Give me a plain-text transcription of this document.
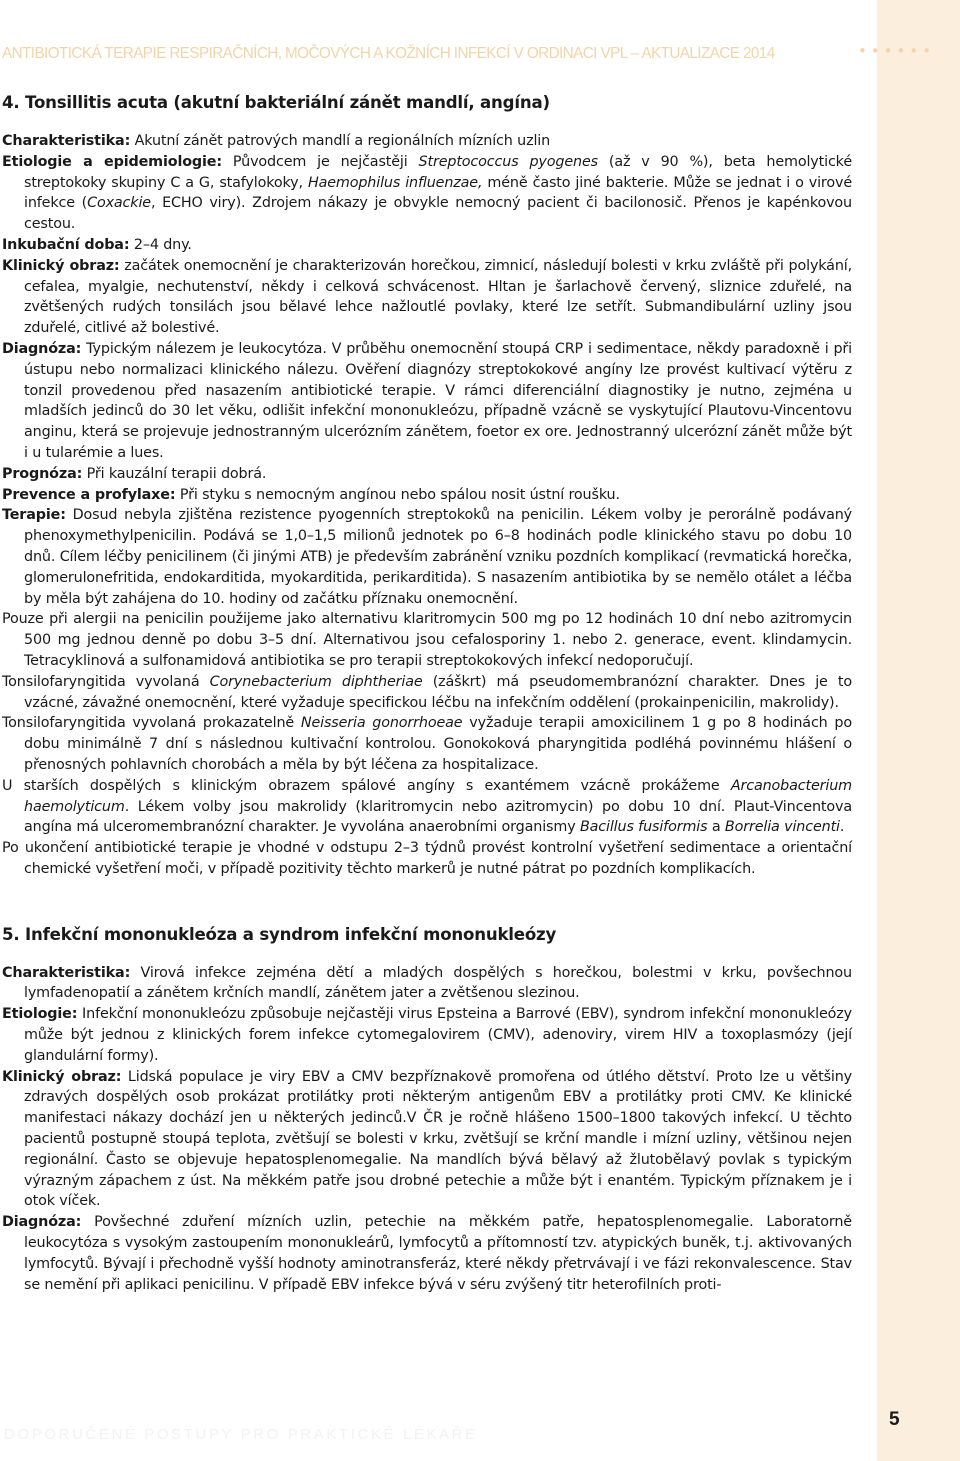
ANTIBIOTICKÁ TERAPIE RESPIRAČNÍCH, MOČOVÝCH A KOŽNÍCH INFEKCÍ V ORDINACI VPL – AKTUALIZACE 2014	••••••
4. Tonsillitis acuta (akutní bakteriální zánět mandlí, angína)

Charakteristika: Akutní zánět patrových mandlí a regionálních mízních uzlin

Etiologie a epidemiologie: Původcem je nejčastěji Streptococcus pyogenes (až v 90 %), beta hemolytické streptokoky skupiny C a G, stafylokoky, Haemophilus influenzae, méně často jiné bakterie. Může se jednat i o virové infekce (Coxackie, ECHO viry). Zdrojem nákazy je obvykle nemocný pacient či bacilonosič. Přenos je kapénkovou cestou.

Inkubační doba: 2–4 dny.

Klinický obraz: začátek onemocnění je charakterizován horečkou, zimnicí, následují bolesti v krku zvláště při polykání, cefalea, myalgie, nechutenství, někdy i celková schvácenost. Hltan je šarlachově červený, sliznice zduřelé, na zvětšených rudých tonsilách jsou bělavé lehce nažloutlé povlaky, které lze setřít. Submandibulární uzliny jsou zduřelé, citlivé až bolestivé.

Diagnóza: Typickým nálezem je leukocytóza. V průběhu onemocnění stoupá CRP i sedimentace, někdy paradoxně i při ústupu nebo normalizaci klinického nálezu. Ověření diagnózy streptokokové angíny lze provést kultivací výtěru z tonzil provedenou před nasazením antibiotické terapie. V rámci diferenciální diagnostiky je nutno, zejména u mladších jedinců do 30 let věku, odlišit infekční mononukleózu, případně vzácně se vyskytující Plautovu-Vincentovu anginu, která se projevuje jednostranným ulcerózním zánětem, foetor ex ore. Jednostranný ulcerózní zánět může být i u tularémie a lues.

Prognóza: Při kauzální terapii dobrá.

Prevence a profylaxe: Při styku s nemocným angínou nebo spálou nosit ústní roušku.

Terapie: Dosud nebyla zjištěna rezistence pyogenních streptokoků na penicilin. Lékem volby je perorálně podávaný phenoxymethylpenicilin. Podává se 1,0–1,5 milionů jednotek po 6–8 hodinách podle klinického stavu po dobu 10 dnů. Cílem léčby penicilinem (či jinými ATB) je především zabránění vzniku pozdních komplikací (revmatická horečka, glomerulonefritida, endokarditida, myokarditida, perikarditida). S nasazením antibiotika by se nemělo otálet a léčba by měla být zahájena do 10. hodiny od začátku příznaku onemocnění.

Pouze při alergii na penicilin použijeme jako alternativu klaritromycin 500 mg po 12 hodinách 10 dní nebo azitromycin 500 mg jednou denně po dobu 3–5 dní. Alternativou jsou cefalosporiny 1. nebo 2. generace, event. klindamycin. Tetracyklinová a sulfonamidová antibiotika se pro terapii streptokokových infekcí nedoporučují.

Tonsilofaryngitida vyvolaná Corynebacterium diphtheriae (záškrt) má pseudomembranózní charakter. Dnes je to vzácné, závažné onemocnění, které vyžaduje specifickou léčbu na infekčním oddělení (prokainpenicilin, makrolidy).

Tonsilofaryngitida vyvolaná prokazatelně Neisseria gonorrhoeae vyžaduje terapii amoxicilinem 1 g po 8 hodinách po dobu minimálně 7 dní s následnou kultivační kontrolou. Gonokoková pharyngitida podléhá povinnému hlášení o přenosných pohlavních chorobách a měla by být léčena za hospitalizace.

U starších dospělých s klinickým obrazem spálové angíny s exantémem vzácně prokážeme Arcanobacterium haemolyticum. Lékem volby jsou makrolidy (klaritromycin nebo azitromycin) po dobu 10 dní. Plaut-Vincentova angína má ulceromembranózní charakter. Je vyvolána anaerobními organismy Bacillus fusiformis a Borrelia vincenti.

Po ukončení antibiotické terapie je vhodné v odstupu 2–3 týdnů provést kontrolní vyšetření sedimentace a orientační chemické vyšetření moči, v případě pozitivity těchto markerů je nutné pátrat po pozdních komplikacích.

5. Infekční mononukleóza a syndrom infekční mononukleózy

Charakteristika: Virová infekce zejména dětí a mladých dospělých s horečkou, bolestmi v krku, povšechnou lymfadenopatií a zánětem krčních mandlí, zánětem jater a zvětšenou slezinou.

Etiologie: Infekční mononukleózu způsobuje nejčastěji virus Epsteina a Barrové (EBV), syndrom infekční mononukleózy může být jednou z klinických forem infekce cytomegalovirem (CMV), adenoviry, virem HIV a toxoplasmózy (její glandulární formy).

Klinický obraz: Lidská populace je viry EBV a CMV bezpříznakově promořena od útlého dětství. Proto lze u většiny zdravých dospělých osob prokázat protilátky proti některým antigenům EBV a protilátky proti CMV. Ke klinické manifestaci nákazy dochází jen u některých jedinců.V ČR je ročně hlášeno 1500–1800 takových infekcí. U těchto pacientů postupně stoupá teplota, zvětšují se bolesti v krku, zvětšují se krční mandle i mízní uzliny, většinou nejen regionální. Často se objevuje hepatosplenomegalie. Na mandlích bývá bělavý až žlutobělavý povlak s typickým výrazným zápachem z úst. Na měkkém patře jsou drobné petechie a může být i enantém. Typickým příznakem je i otok víček.

Diagnóza: Povšechné zduření mízních uzlin, petechie na měkkém patře, hepatosplenomegalie. Laboratorně leukocytóza s vysokým zastoupením mononukleárů, lymfocytů a přítomností tzv. atypických buněk, t.j. aktivovaných lymfocytů. Bývají i přechodně vyšší hodnoty aminotransferáz, které někdy přetrvávají i ve fázi rekonvalescence. Stav se nemění při aplikaci penicilinu. V případě EBV infekce bývá v séru zvýšený titr heterofilních proti-

DOPORUČENÉ POSTUPY PRO PRAKTICKÉ LÉKAŘE
5
